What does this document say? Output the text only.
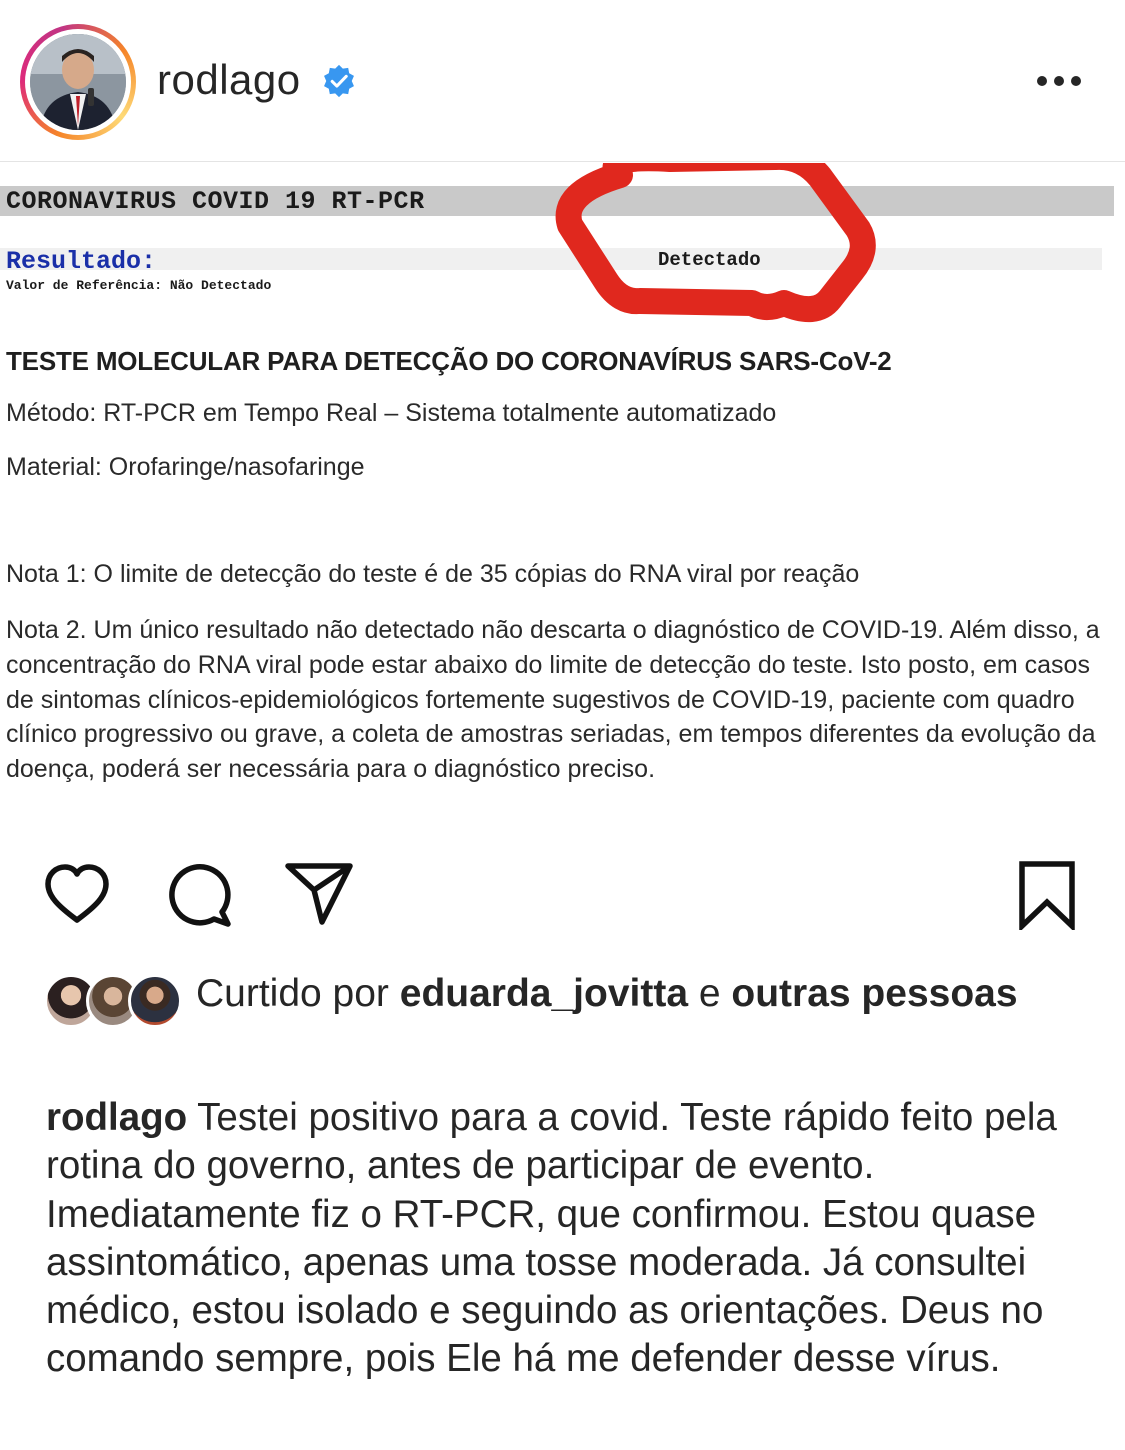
rodlago
CORONAVIRUS COVID 19 RT-PCR
Resultado:	Detectado
Valor de Referência: Não Detectado
TESTE MOLECULAR PARA DETECÇÃO DO CORONAVÍRUS SARS-CoV-2
Método: RT-PCR em Tempo Real – Sistema totalmente automatizado
Material: Orofaringe/nasofaringe
Nota 1: O limite de detecção do teste é de 35 cópias do RNA viral por reação
Nota 2. Um único resultado não detectado não descarta o diagnóstico de COVID-19. Além disso, a concentração do RNA viral pode estar abaixo do limite de detecção do teste. Isto posto, em casos de sintomas clínicos-epidemiológicos fortemente sugestivos de COVID-19, paciente com quadro clínico progressivo ou grave, a coleta de amostras seriadas, em tempos diferentes da evolução da doença, poderá ser necessária para o diagnóstico preciso.
Curtido por eduarda_jovitta e outras pessoas
rodlago Testei positivo para a covid. Teste rápido feito pela rotina do governo, antes de participar de evento. Imediatamente fiz o RT-PCR, que confirmou. Estou quase assintomático, apenas uma tosse moderada. Já consultei médico, estou isolado e seguindo as orientações. Deus no comando sempre, pois Ele há me defender desse vírus.
